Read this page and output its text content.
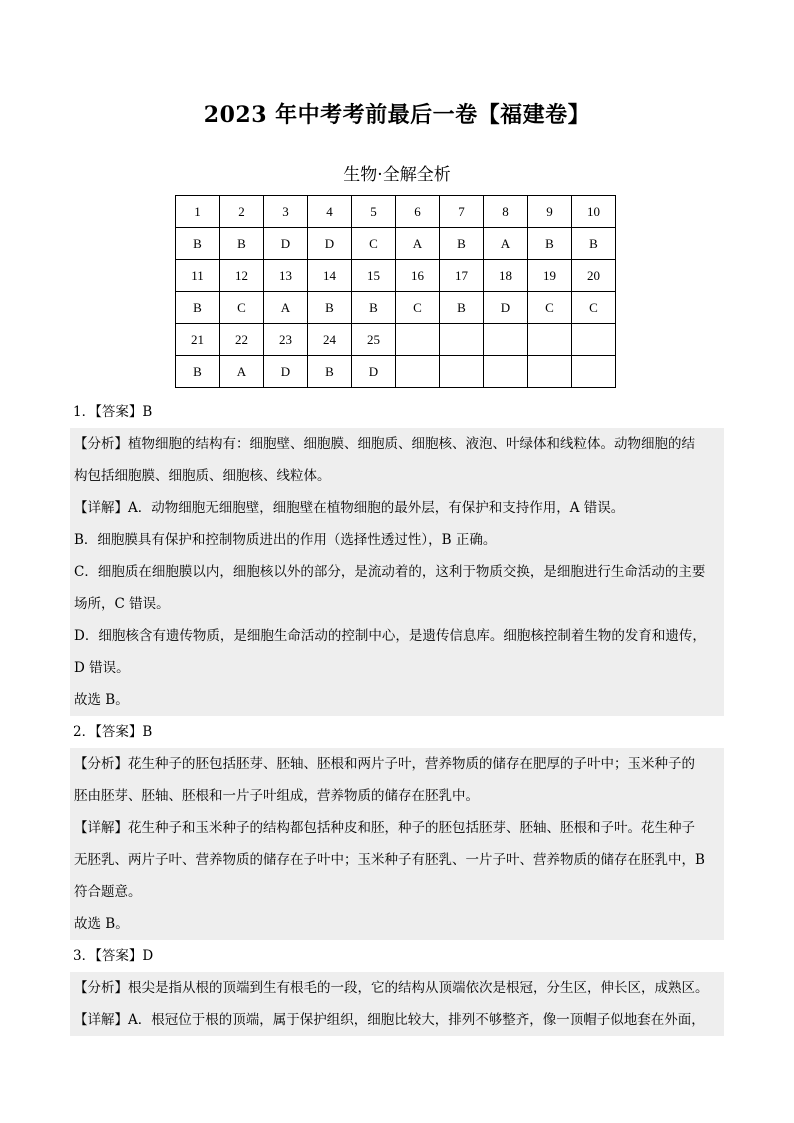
2023 年中考考前最后一卷【福建卷】
生物·全解全析
1	2	3	4	5	6	7	8	9	10
B	B	D	D	C	A	B	A	B	B
11	12	13	14	15	16	17	18	19	20
B	C	A	B	B	C	B	D	C	C
21	22	23	24	25					
B	A	D	B	D					
1．【答案】B

【分析】植物细胞的结构有：细胞壁、细胞膜、细胞质、细胞核、液泡、叶绿体和线粒体。动物细胞的结

构包括细胞膜、细胞质、细胞核、线粒体。

【详解】A．动物细胞无细胞壁，细胞壁在植物细胞的最外层，有保护和支持作用，A 错误。

B．细胞膜具有保护和控制物质进出的作用（选择性透过性），B 正确。

C．细胞质在细胞膜以内，细胞核以外的部分，是流动着的，这利于物质交换，是细胞进行生命活动的主要

场所，C 错误。

D．细胞核含有遗传物质，是细胞生命活动的控制中心，是遗传信息库。细胞核控制着生物的发育和遗传，

D 错误。

故选 B。

2．【答案】B

【分析】花生种子的胚包括胚芽、胚轴、胚根和两片子叶，营养物质的储存在肥厚的子叶中；玉米种子的

胚由胚芽、胚轴、胚根和一片子叶组成，营养物质的储存在胚乳中。

【详解】花生种子和玉米种子的结构都包括种皮和胚，种子的胚包括胚芽、胚轴、胚根和子叶。花生种子

无胚乳、两片子叶、营养物质的储存在子叶中；玉米种子有胚乳、一片子叶、营养物质的储存在胚乳中，B

符合题意。

故选 B。

3．【答案】D

【分析】根尖是指从根的顶端到生有根毛的一段，它的结构从顶端依次是根冠，分生区，伸长区，成熟区。

【详解】A．根冠位于根的顶端，属于保护组织，细胞比较大，排列不够整齐，像一顶帽子似地套在外面，
